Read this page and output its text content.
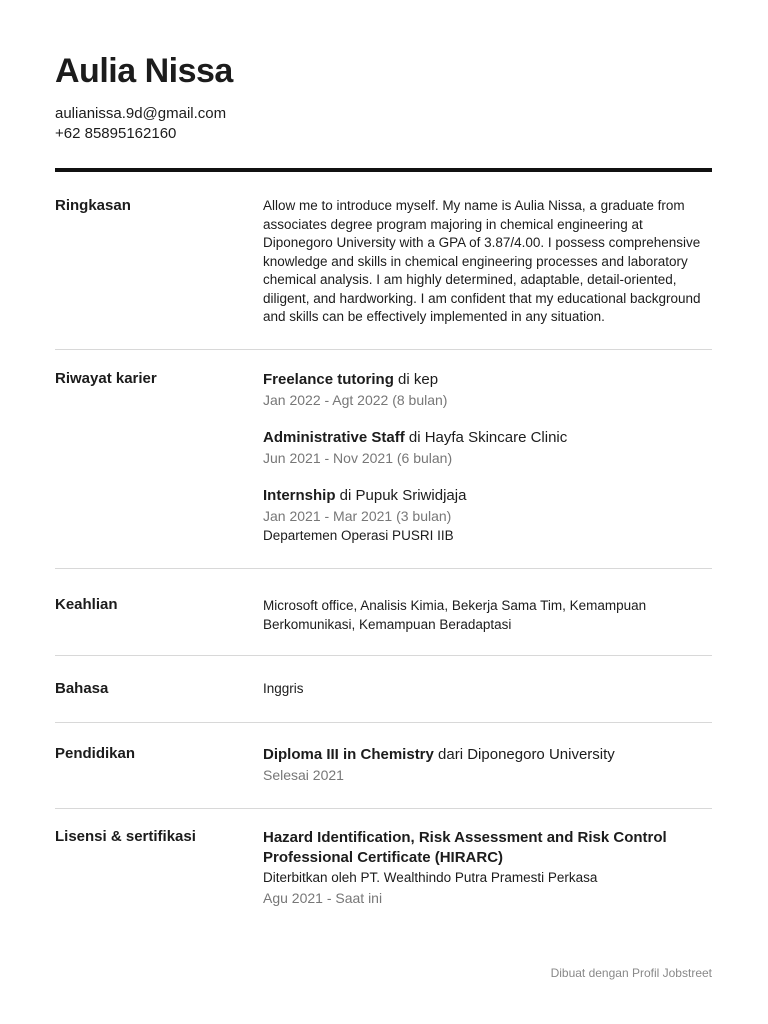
Aulia Nissa
aulianissa.9d@gmail.com
+62 85895162160
Ringkasan	Allow me to introduce myself. My name is Aulia Nissa, a graduate from associates degree program majoring in chemical engineering at Diponegoro University with a GPA of 3.87/4.00. I possess comprehensive knowledge and skills in chemical engineering processes and laboratory chemical analysis. I am highly determined, adaptable, detail-oriented, diligent, and hardworking. I am confident that my educational background and skills can be effectively implemented in any situation.
Riwayat karier	Freelance tutoring di kep
Jan 2022 - Agt 2022 (8 bulan)
Administrative Staff di Hayfa Skincare Clinic
Jun 2021 - Nov 2021 (6 bulan)
Internship di Pupuk Sriwidjaja
Jan 2021 - Mar 2021 (3 bulan)
Departemen Operasi PUSRI IIB
Keahlian	Microsoft office, Analisis Kimia, Bekerja Sama Tim, Kemampuan Berkomunikasi, Kemampuan Beradaptasi
Bahasa	Inggris
Pendidikan	Diploma III in Chemistry dari Diponegoro University
Selesai 2021
Lisensi & sertifikasi	Hazard Identification, Risk Assessment and Risk Control Professional Certificate (HIRARC)
Diterbitkan oleh PT. Wealthindo Putra Pramesti Perkasa
Agu 2021 - Saat ini
Dibuat dengan Profil Jobstreet
